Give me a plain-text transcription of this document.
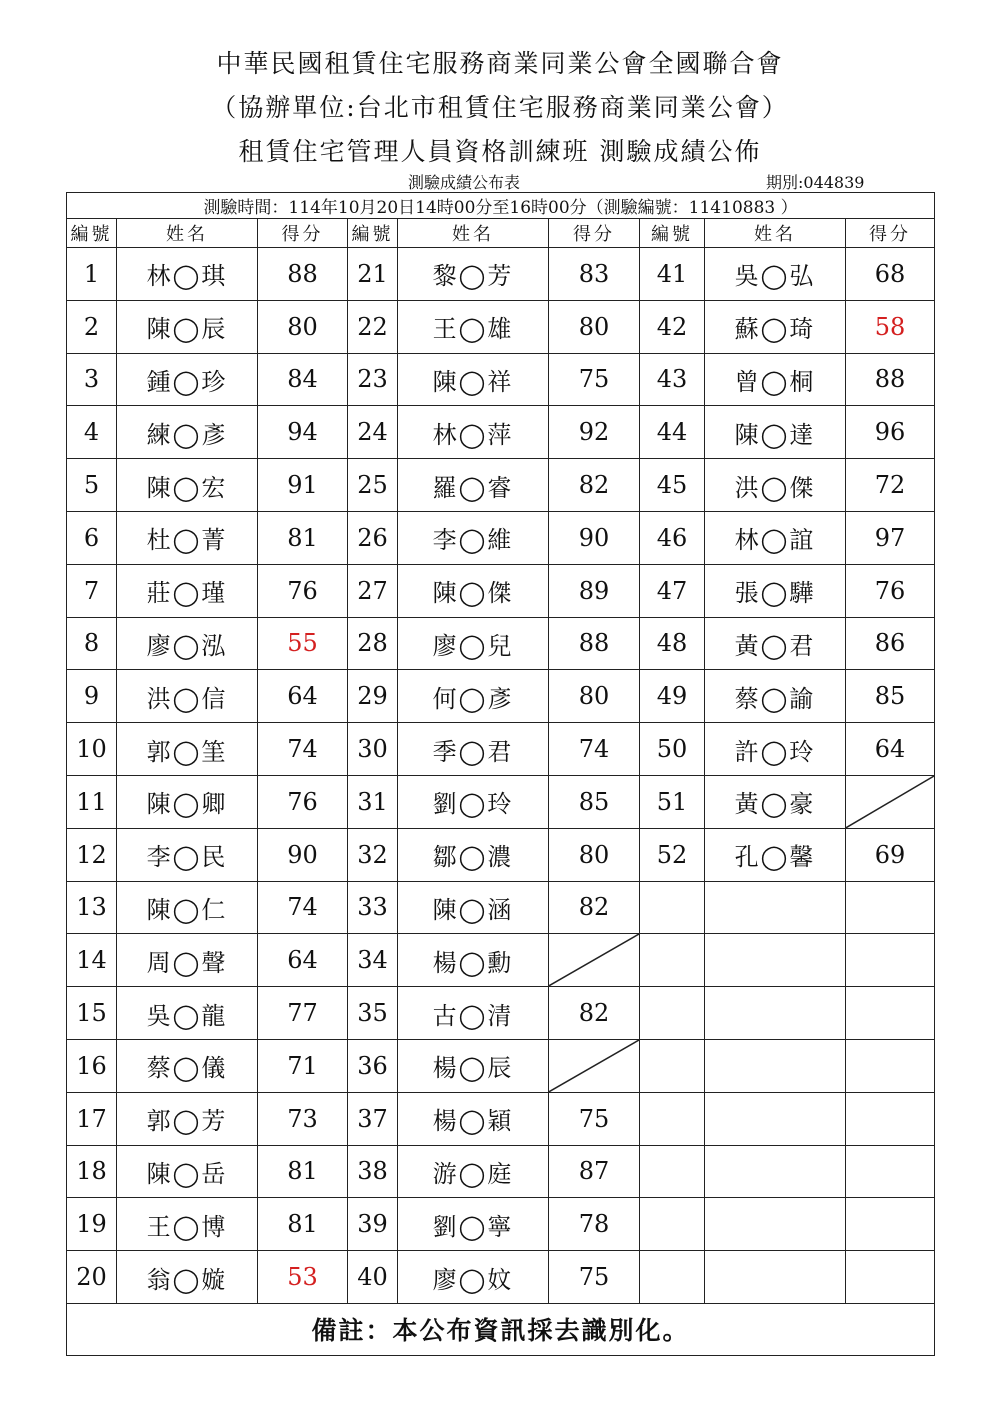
中華民國租賃住宅服務商業同業公會全國聯合會
（協辦單位:台北市租賃住宅服務商業同業公會）
租賃住宅管理人員資格訓練班 測驗成績公佈
測驗成績公布表	期別:044839
測驗時間：114年10月20日14時00分至16時00分（測驗編號：11410883 ）								
編號	姓名	得分	編號	姓名	得分	編號	姓名	得分
1	林◯琪	88	21	黎◯芳	83	41	吳◯弘	68
2	陳◯辰	80	22	王◯雄	80	42	蘇◯琦	58
3	鍾◯珍	84	23	陳◯祥	75	43	曾◯桐	88
4	練◯彥	94	24	林◯萍	92	44	陳◯達	96
5	陳◯宏	91	25	羅◯睿	82	45	洪◯傑	72
6	杜◯菁	81	26	李◯維	90	46	林◯誼	97
7	莊◯瑾	76	27	陳◯傑	89	47	張◯驊	76
8	廖◯泓	55	28	廖◯兒	88	48	黃◯君	86
9	洪◯信	64	29	何◯彥	80	49	蔡◯諭	85
10	郭◯筀	74	30	季◯君	74	50	許◯玲	64
11	陳◯卿	76	31	劉◯玲	85	51	黃◯豪	

12	李◯民	90	32	鄒◯濃	80	52	孔◯馨	69
13	陳◯仁	74	33	陳◯涵	82			
14	周◯聲	64	34	楊◯勳	

15	吳◯龍	77	35	古◯清	82			
16	蔡◯儀	71	36	楊◯辰	

17	郭◯芳	73	37	楊◯穎	75			
18	陳◯岳	81	38	游◯庭	87			
19	王◯博	81	39	劉◯寧	78			
20	翁◯嫙	53	40	廖◯妏	75			
備註：本公布資訊採去識別化。								
